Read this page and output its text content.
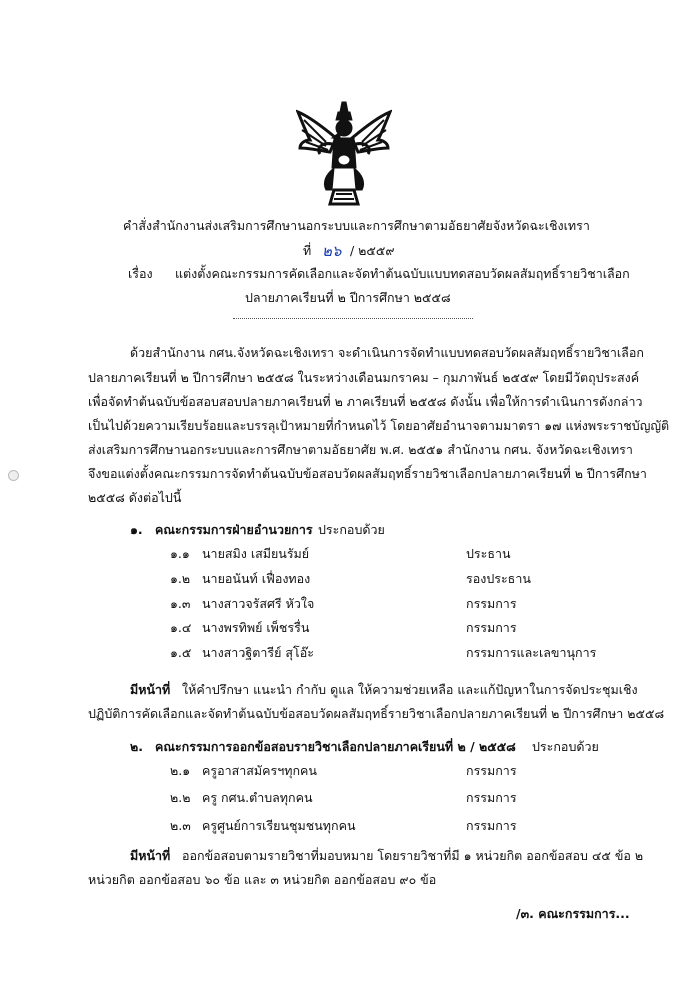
คำสั่งสำนักงานส่งเสริมการศึกษานอกระบบและการศึกษาตามอัธยาศัยจังหวัดฉะเชิงเทรา
ที่ ๒๖ / ๒๕๕๙
เรื่อง แต่งตั้งคณะกรรมการคัดเลือกและจัดทำต้นฉบับแบบทดสอบวัดผลสัมฤทธิ์รายวิชาเลือก
ปลายภาคเรียนที่ ๒ ปีการศึกษา ๒๕๕๘
ด้วยสำนักงาน กศน.จังหวัดฉะเชิงเทรา จะดำเนินการจัดทำแบบทดสอบวัดผลสัมฤทธิ์รายวิชาเลือก
ปลายภาคเรียนที่ ๒ ปีการศึกษา ๒๕๕๘ ในระหว่างเดือนมกราคม – กุมภาพันธ์ ๒๕๕๙ โดยมีวัตถุประสงค์
เพื่อจัดทำต้นฉบับข้อสอบสอบปลายภาคเรียนที่ ๒ ภาคเรียนที่ ๒๕๕๘ ดังนั้น เพื่อให้การดำเนินการดังกล่าว
เป็นไปด้วยความเรียบร้อยและบรรลุเป้าหมายที่กำหนดไว้ โดยอาศัยอำนาจตามมาตรา ๑๗ แห่งพระราชบัญญัติ
ส่งเสริมการศึกษานอกระบบและการศึกษาตามอัธยาศัย พ.ศ. ๒๕๕๑ สำนักงาน กศน. จังหวัดฉะเชิงเทรา
จึงขอแต่งตั้งคณะกรรมการจัดทำต้นฉบับข้อสอบวัดผลสัมฤทธิ์รายวิชาเลือกปลายภาคเรียนที่ ๒ ปีการศึกษา
๒๕๕๘ ดังต่อไปนี้
๑. คณะกรรมการฝ่ายอำนวยการ ประกอบด้วย
๑.๑ นายสมิง เสมียนรัมย์	ประธาน
๑.๒ นายอนันท์ เฟื่องทอง	รองประธาน
๑.๓ นางสาวจรัสศรี หัวใจ	กรรมการ
๑.๔ นางพรทิพย์ เพ็ชรรื่น	กรรมการ
๑.๕ นางสาวฐิตารีย์ สุโอ๊ะ	กรรมการและเลขานุการ
มีหน้าที่ ให้คำปรึกษา แนะนำ กำกับ ดูแล ให้ความช่วยเหลือ และแก้ปัญหาในการจัดประชุมเชิง
ปฏิบัติการคัดเลือกและจัดทำต้นฉบับข้อสอบวัดผลสัมฤทธิ์รายวิชาเลือกปลายภาคเรียนที่ ๒ ปีการศึกษา ๒๕๕๘
๒. คณะกรรมการออกข้อสอบรายวิชาเลือกปลายภาคเรียนที่ ๒ / ๒๕๕๘ ประกอบด้วย
๒.๑ ครูอาสาสมัครฯทุกคน	กรรมการ
๒.๒ ครู กศน.ตำบลทุกคน	กรรมการ
๒.๓ ครูศูนย์การเรียนชุมชนทุกคน	กรรมการ
มีหน้าที่ ออกข้อสอบตามรายวิชาที่มอบหมาย โดยรายวิชาที่มี ๑ หน่วยกิต ออกข้อสอบ ๔๕ ข้อ ๒
หน่วยกิต ออกข้อสอบ ๖๐ ข้อ และ ๓ หน่วยกิต ออกข้อสอบ ๙๐ ข้อ
/๓. คณะกรรมการ...
